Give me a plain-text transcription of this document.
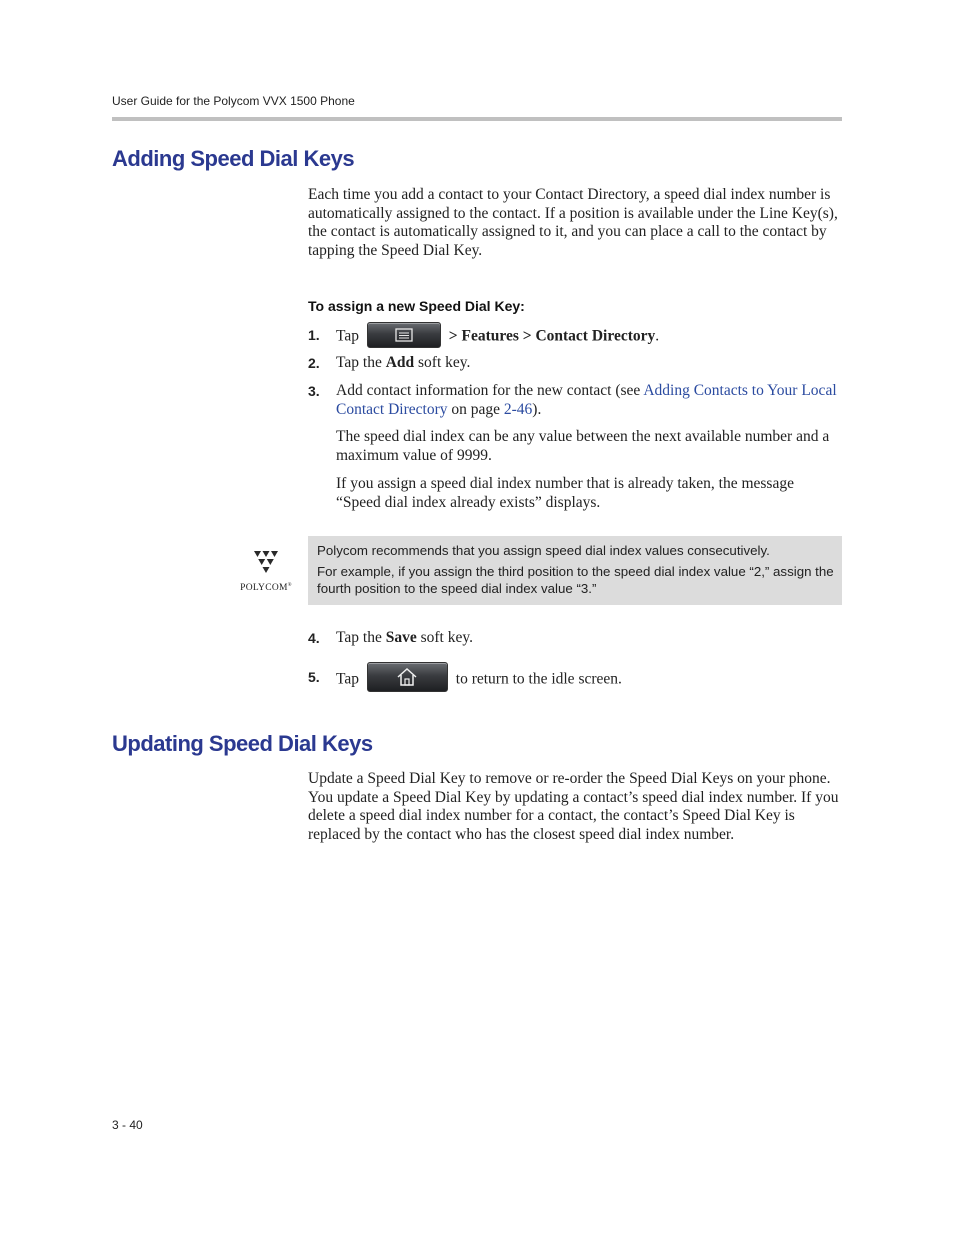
User Guide for the Polycom VVX 1500 Phone
Adding Speed Dial Keys

Each time you add a contact to your Contact Directory, a speed dial index number is automatically assigned to the contact. If a position is available under the Line Key(s), the contact is automatically assigned to it, and you can place a call to the contact by tapping the Speed Dial Key.

To assign a new Speed Dial Key:
1. Tap	> Features > Contact Directory.
2. Tap the Add soft key.
3. Add contact information for the new contact (see Adding Contacts to Your Local Contact Directory on page 2-46).

The speed dial index can be any value between the next available number and a maximum value of 9999.

If you assign a speed dial index number that is already taken, the message “Speed dial index already exists” displays.

POLYCOM®

Polycom recommends that you assign speed dial index values consecutively.

For example, if you assign the third position to the speed dial index value “2,” assign the fourth position to the speed dial index value “3.”

4. Tap the Save soft key.
5. Tap	to return to the idle screen.
Updating Speed Dial Keys

Update a Speed Dial Key to remove or re-order the Speed Dial Keys on your phone. You update a Speed Dial Key by updating a contact’s speed dial index number. If you delete a speed dial index number for a contact, the contact’s Speed Dial Key is replaced by the contact who has the closest speed dial index number.

3 - 40
